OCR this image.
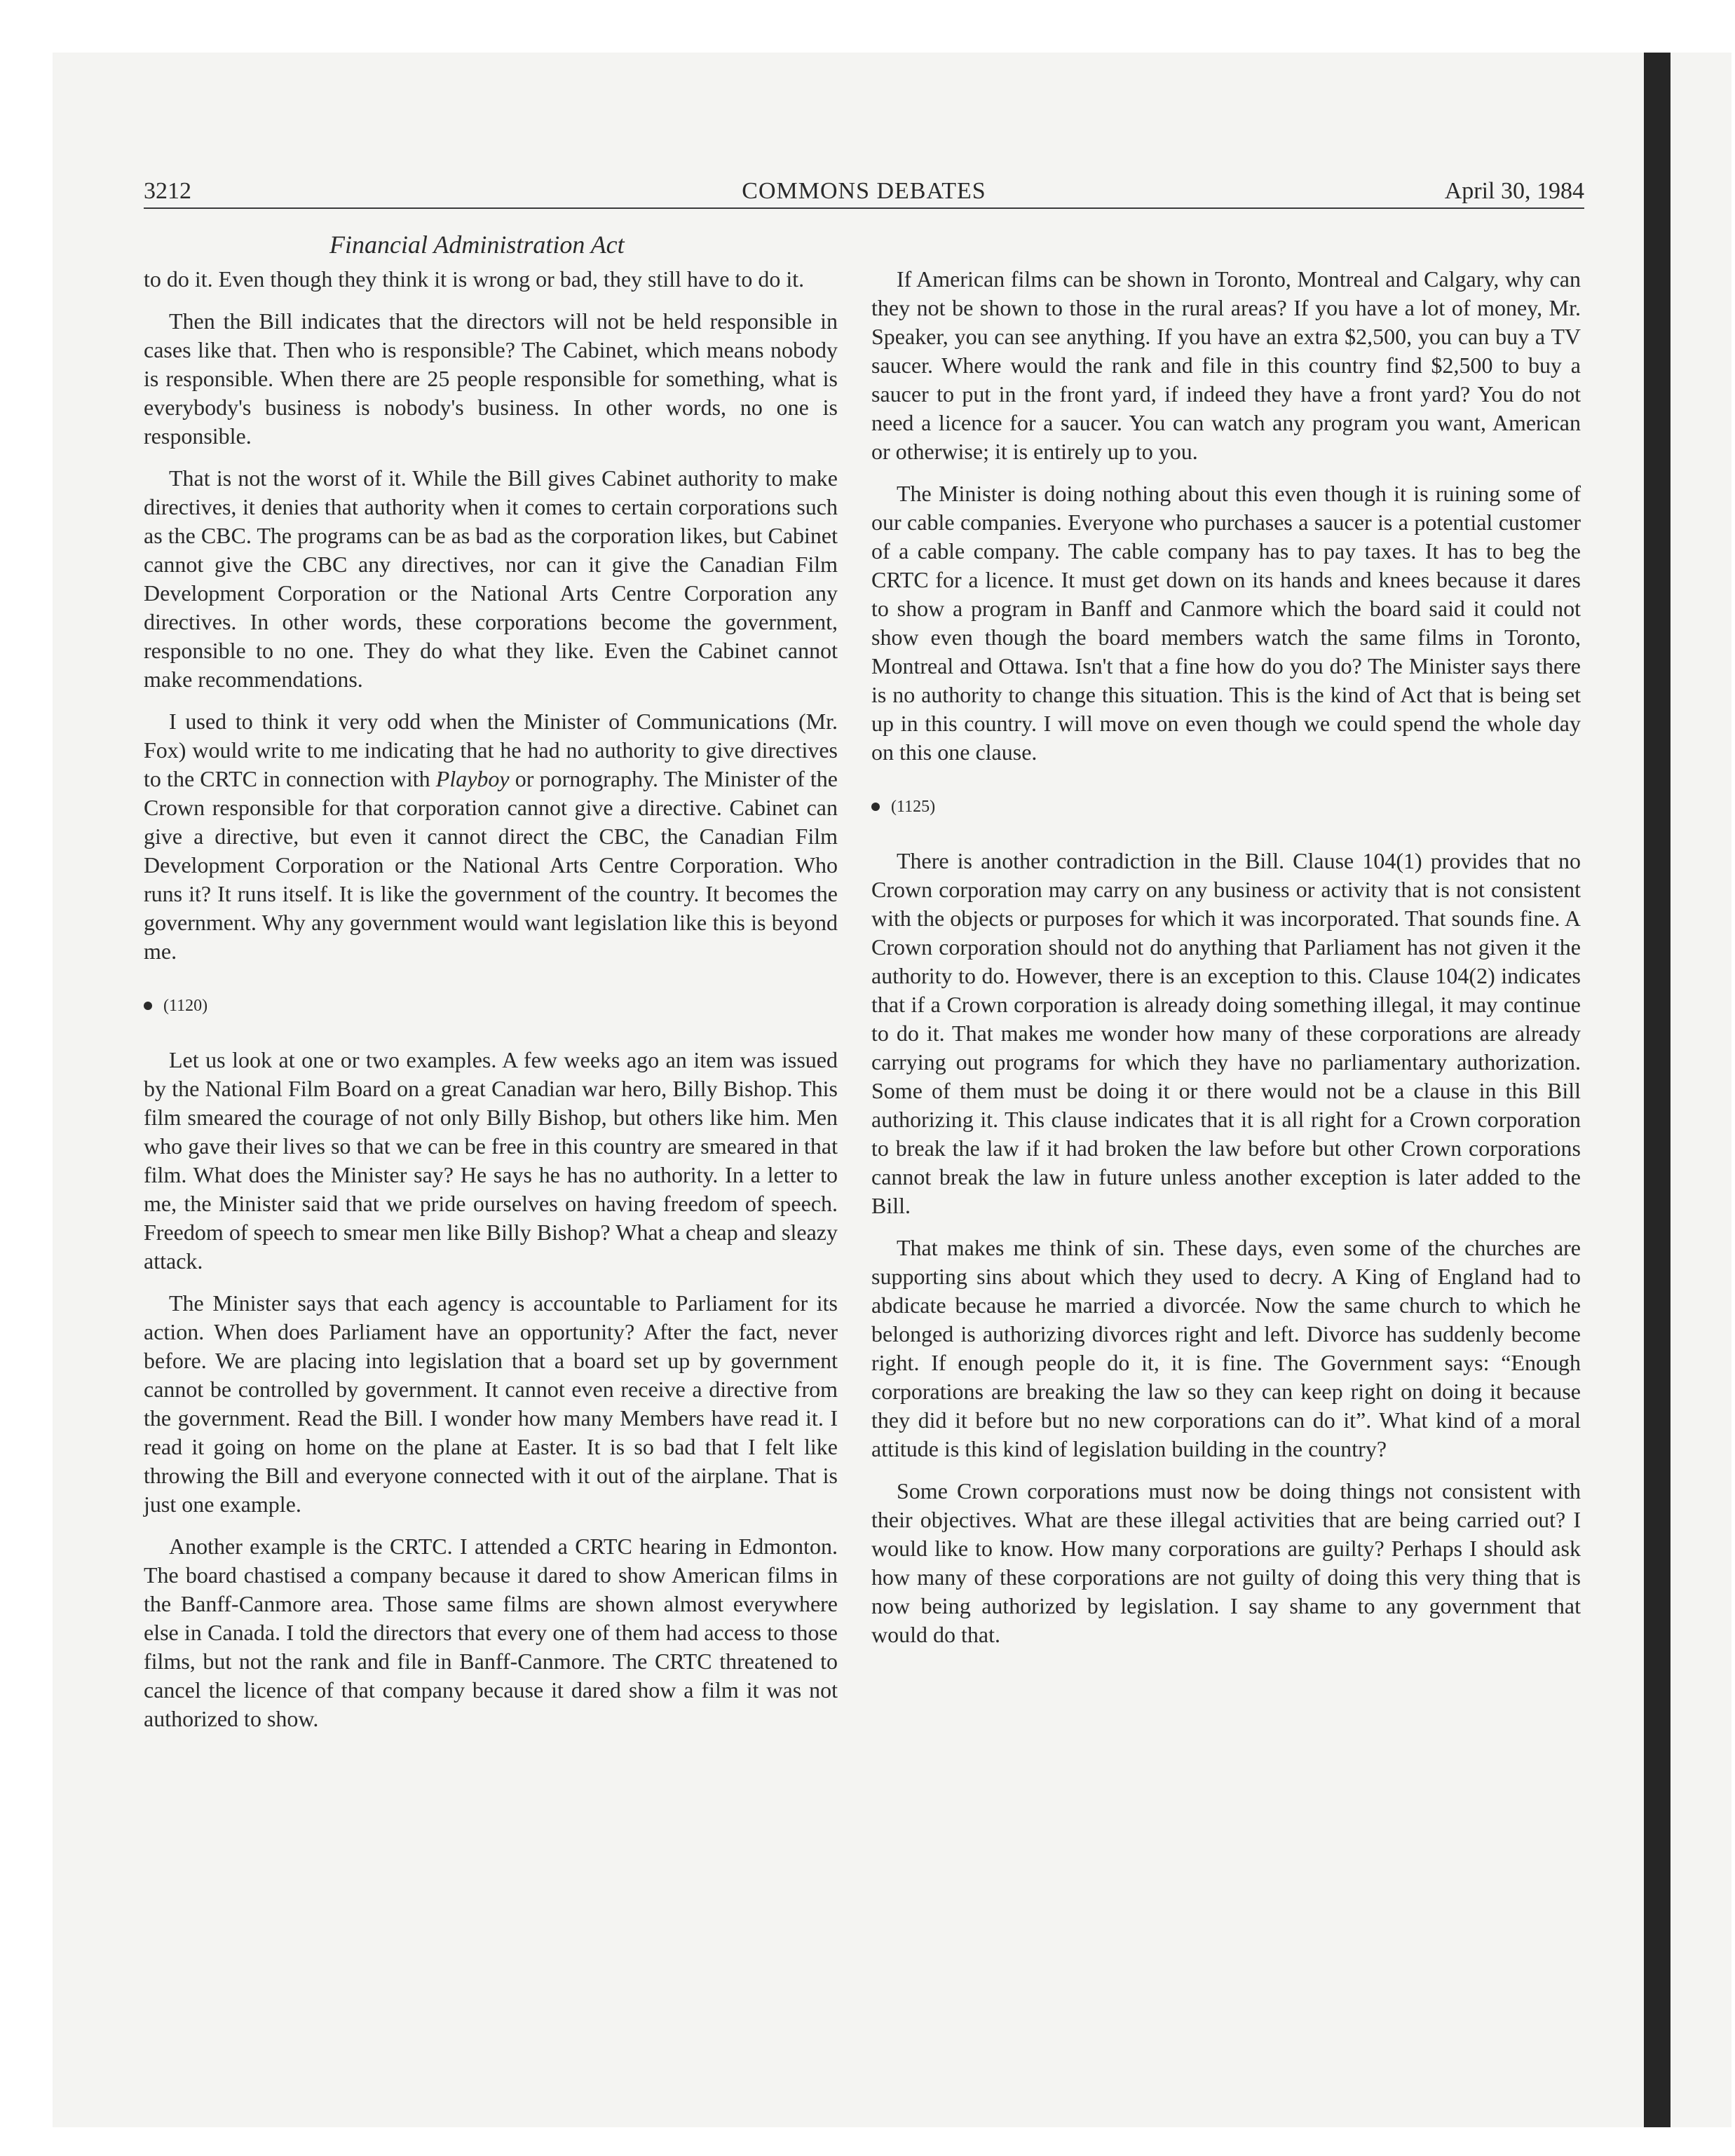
3212	COMMONS DEBATES	April 30, 1984
Financial Administration Act

to do it. Even though they think it is wrong or bad, they still have to do it.

Then the Bill indicates that the directors will not be held responsible in cases like that. Then who is responsible? The Cabinet, which means nobody is responsible. When there are 25 people responsible for something, what is everybody's business is nobody's business. In other words, no one is responsible.

That is not the worst of it. While the Bill gives Cabinet authority to make directives, it denies that authority when it comes to certain corporations such as the CBC. The programs can be as bad as the corporation likes, but Cabinet cannot give the CBC any directives, nor can it give the Canadian Film Development Corporation or the National Arts Centre Corporation any directives. In other words, these corporations become the government, responsible to no one. They do what they like. Even the Cabinet cannot make recommendations.

I used to think it very odd when the Minister of Communications (Mr. Fox) would write to me indicating that he had no authority to give directives to the CRTC in connection with Playboy or pornography. The Minister of the Crown responsible for that corporation cannot give a directive. Cabinet can give a directive, but even it cannot direct the CBC, the Canadian Film Development Corporation or the National Arts Centre Corporation. Who runs it? It runs itself. It is like the government of the country. It becomes the government. Why any government would want legislation like this is beyond me.

(1120)

Let us look at one or two examples. A few weeks ago an item was issued by the National Film Board on a great Canadian war hero, Billy Bishop. This film smeared the courage of not only Billy Bishop, but others like him. Men who gave their lives so that we can be free in this country are smeared in that film. What does the Minister say? He says he has no authority. In a letter to me, the Minister said that we pride ourselves on having freedom of speech. Freedom of speech to smear men like Billy Bishop? What a cheap and sleazy attack.

The Minister says that each agency is accountable to Parliament for its action. When does Parliament have an opportunity? After the fact, never before. We are placing into legislation that a board set up by government cannot be controlled by government. It cannot even receive a directive from the government. Read the Bill. I wonder how many Members have read it. I read it going on home on the plane at Easter. It is so bad that I felt like throwing the Bill and everyone connected with it out of the airplane. That is just one example.

Another example is the CRTC. I attended a CRTC hearing in Edmonton. The board chastised a company because it dared to show American films in the Banff-Canmore area. Those same films are shown almost everywhere else in Canada. I told the directors that every one of them had access to those films, but not the rank and file in Banff-Canmore. The CRTC threatened to cancel the licence of that company because it dared show a film it was not authorized to show.

If American films can be shown in Toronto, Montreal and Calgary, why can they not be shown to those in the rural areas? If you have a lot of money, Mr. Speaker, you can see anything. If you have an extra $2,500, you can buy a TV saucer. Where would the rank and file in this country find $2,500 to buy a saucer to put in the front yard, if indeed they have a front yard? You do not need a licence for a saucer. You can watch any program you want, American or otherwise; it is entirely up to you.

The Minister is doing nothing about this even though it is ruining some of our cable companies. Everyone who purchases a saucer is a potential customer of a cable company. The cable company has to pay taxes. It has to beg the CRTC for a licence. It must get down on its hands and knees because it dares to show a program in Banff and Canmore which the board said it could not show even though the board members watch the same films in Toronto, Montreal and Ottawa. Isn't that a fine how do you do? The Minister says there is no authority to change this situation. This is the kind of Act that is being set up in this country. I will move on even though we could spend the whole day on this one clause.

(1125)

There is another contradiction in the Bill. Clause 104(1) provides that no Crown corporation may carry on any business or activity that is not consistent with the objects or purposes for which it was incorporated. That sounds fine. A Crown corporation should not do anything that Parliament has not given it the authority to do. However, there is an exception to this. Clause 104(2) indicates that if a Crown corporation is already doing something illegal, it may continue to do it. That makes me wonder how many of these corporations are already carrying out programs for which they have no parliamentary authorization. Some of them must be doing it or there would not be a clause in this Bill authorizing it. This clause indicates that it is all right for a Crown corporation to break the law if it had broken the law before but other Crown corporations cannot break the law in future unless another exception is later added to the Bill.

That makes me think of sin. These days, even some of the churches are supporting sins about which they used to decry. A King of England had to abdicate because he married a divorcée. Now the same church to which he belonged is authorizing divorces right and left. Divorce has suddenly become right. If enough people do it, it is fine. The Government says: “Enough corporations are breaking the law so they can keep right on doing it because they did it before but no new corporations can do it”. What kind of a moral attitude is this kind of legislation building in the country?

Some Crown corporations must now be doing things not consistent with their objectives. What are these illegal activities that are being carried out? I would like to know. How many corporations are guilty? Perhaps I should ask how many of these corporations are not guilty of doing this very thing that is now being authorized by legislation. I say shame to any government that would do that.
